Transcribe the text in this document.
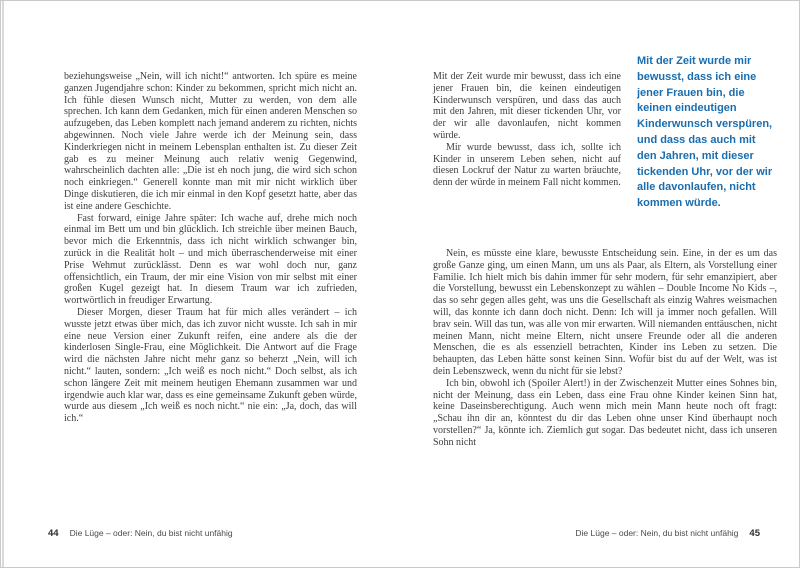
beziehungsweise „Nein, will ich nicht!“ antworten. Ich spüre es meine ganzen Jugendjahre schon: Kinder zu bekommen, spricht mich nicht an. Ich fühle diesen Wunsch nicht, Mutter zu werden, von dem alle sprechen. Ich kann dem Gedanken, mich für einen anderen Menschen so aufzugeben, das Leben komplett nach jemand anderem zu richten, nichts abgewinnen. Noch viele Jahre werde ich der Meinung sein, dass Kinderkriegen nicht in meinem Lebensplan enthalten ist. Zu dieser Zeit gab es zu meiner Meinung auch relativ wenig Gegenwind, wahrscheinlich dachten alle: „Die ist eh noch jung, die wird sich schon noch einkriegen.“ Generell konnte man mit mir nicht wirklich über Dinge diskutieren, die ich mir einmal in den Kopf gesetzt hatte, aber das ist eine andere Geschichte.

Fast forward, einige Jahre später: Ich wache auf, drehe mich noch einmal im Bett um und bin glücklich. Ich streichle über meinen Bauch, bevor mich die Erkenntnis, dass ich nicht wirklich schwanger bin, zurück in die Realität holt – und mich überraschenderweise mit einer Prise Wehmut zurücklässt. Denn es war wohl doch nur, ganz offensichtlich, ein Traum, der mir eine Vision von mir selbst mit einer großen Kugel gezeigt hat. In diesem Traum war ich zufrieden, wortwörtlich in freudiger Erwartung.

Dieser Morgen, dieser Traum hat für mich alles verändert – ich wusste jetzt etwas über mich, das ich zuvor nicht wusste. Ich sah in mir eine neue Version einer Zukunft reifen, eine andere als die der kinderlosen Single-Frau, eine Möglichkeit. Die Antwort auf die Frage wird die nächsten Jahre nicht mehr ganz so beherzt „Nein, will ich nicht.“ lauten, sondern: „Ich weiß es noch nicht.“ Doch selbst, als ich schon längere Zeit mit meinem heutigen Ehemann zusammen war und irgendwie auch klar war, dass es eine gemeinsame Zukunft geben würde, wurde aus diesem „Ich weiß es noch nicht.“ nie ein: „Ja, doch, das will ich.“

44 Die Lüge – oder: Nein, du bist nicht unfähig

Mit der Zeit wurde mir bewusst, dass ich eine jener Frauen bin, die keinen eindeutigen Kinderwunsch verspüren, und dass das auch mit den Jahren, mit dieser tickenden Uhr, vor der wir alle davonlaufen, nicht kommen würde.

Mir wurde bewusst, dass ich, sollte ich Kinder in unserem Leben sehen, nicht auf diesen Lockruf der Natur zu warten bräuchte, denn der würde in meinem Fall nicht kommen.

Mit der Zeit wurde mir bewusst, dass ich eine jener Frauen bin, die keinen eindeutigen Kinderwunsch verspüren, und dass das auch mit den Jahren, mit dieser tickenden Uhr, vor der wir alle davonlaufen, nicht kommen würde.

Nein, es müsste eine klare, bewusste Entscheidung sein. Eine, in der es um das große Ganze ging, um einen Mann, um uns als Paar, als Eltern, als Vorstellung einer Familie. Ich hielt mich bis dahin immer für sehr modern, für sehr emanzipiert, aber die Vorstellung, bewusst ein Lebenskonzept zu wählen – Double Income No Kids –, das so sehr gegen alles geht, was uns die Gesellschaft als einzig Wahres weismachen will, das konnte ich dann doch nicht. Denn: Ich will ja immer noch gefallen. Will brav sein. Will das tun, was alle von mir erwarten. Will niemanden enttäuschen, nicht meinen Mann, nicht meine Eltern, nicht unsere Freunde oder all die anderen Menschen, die es als essenziell betrachten, Kinder ins Leben zu setzen. Die behaupten, das Leben hätte sonst keinen Sinn. Wofür bist du auf der Welt, was ist dein Lebenszweck, wenn du nicht für sie lebst?

Ich bin, obwohl ich (Spoiler Alert!) in der Zwischenzeit Mutter eines Sohnes bin, nicht der Meinung, dass ein Leben, dass eine Frau ohne Kinder keinen Sinn hat, keine Daseinsberechtigung. Auch wenn mich mein Mann heute noch oft fragt: „Schau ihn dir an, könntest du dir das Leben ohne unser Kind überhaupt noch vorstellen?“ Ja, könnte ich. Ziemlich gut sogar. Das bedeutet nicht, dass ich unseren Sohn nicht

Die Lüge – oder: Nein, du bist nicht unfähig 45
